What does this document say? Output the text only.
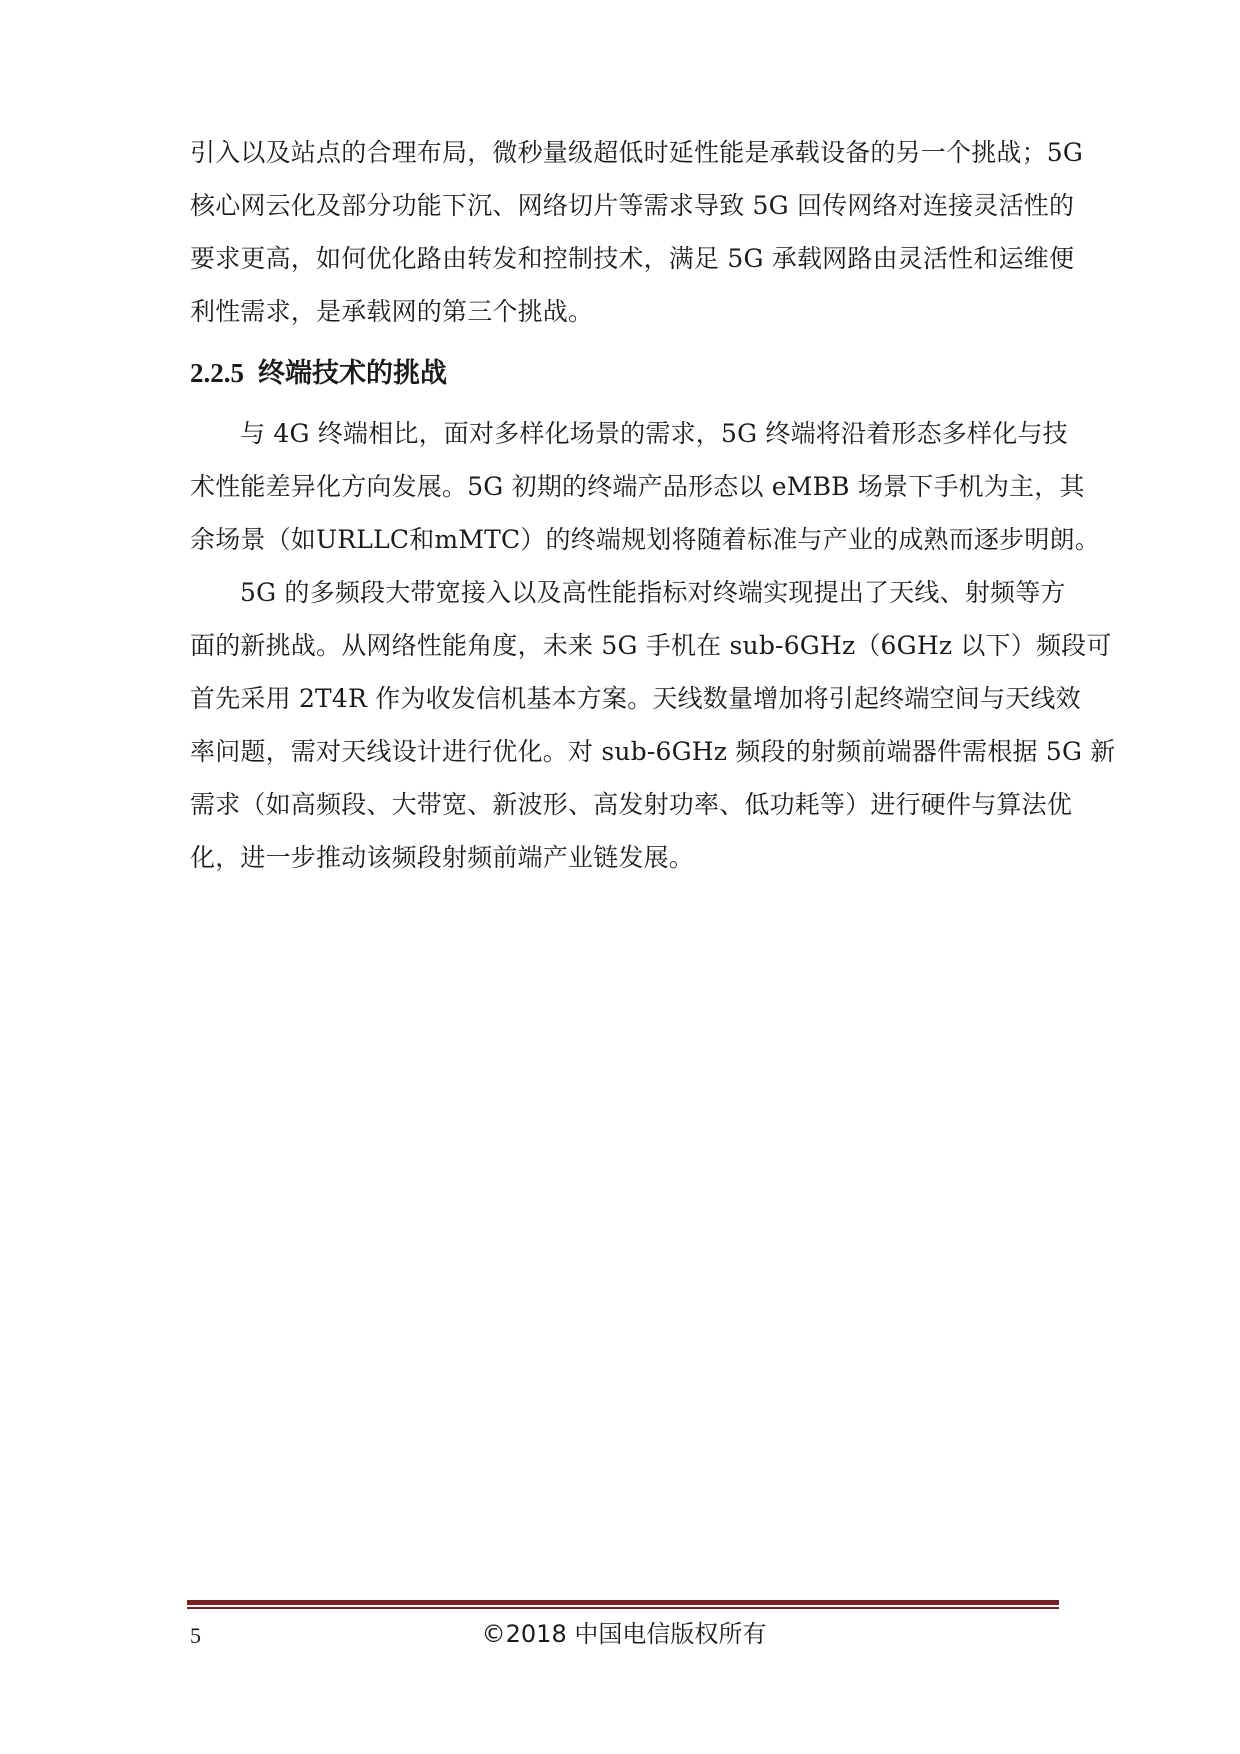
引入以及站点的合理布局，微秒量级超低时延性能是承载设备的另一个挑战；5G
核心网云化及部分功能下沉、网络切片等需求导致 5G 回传网络对连接灵活性的
要求更高，如何优化路由转发和控制技术，满足 5G 承载网路由灵活性和运维便
利性需求，是承载网的第三个挑战。

2.2.5 终端技术的挑战

与 4G 终端相比，面对多样化场景的需求，5G 终端将沿着形态多样化与技
术性能差异化方向发展。5G 初期的终端产品形态以 eMBB 场景下手机为主，其
余场景（如URLLC和mMTC）的终端规划将随着标准与产业的成熟而逐步明朗。

5G 的多频段大带宽接入以及高性能指标对终端实现提出了天线、射频等方
面的新挑战。从网络性能角度，未来 5G 手机在 sub-6GHz（6GHz 以下）频段可
首先采用 2T4R 作为收发信机基本方案。天线数量增加将引起终端空间与天线效
率问题，需对天线设计进行优化。对 sub-6GHz 频段的射频前端器件需根据 5G 新
需求（如高频段、大带宽、新波形、高发射功率、低功耗等）进行硬件与算法优
化，进一步推动该频段射频前端产业链发展。

5	©2018 中国电信版权所有
